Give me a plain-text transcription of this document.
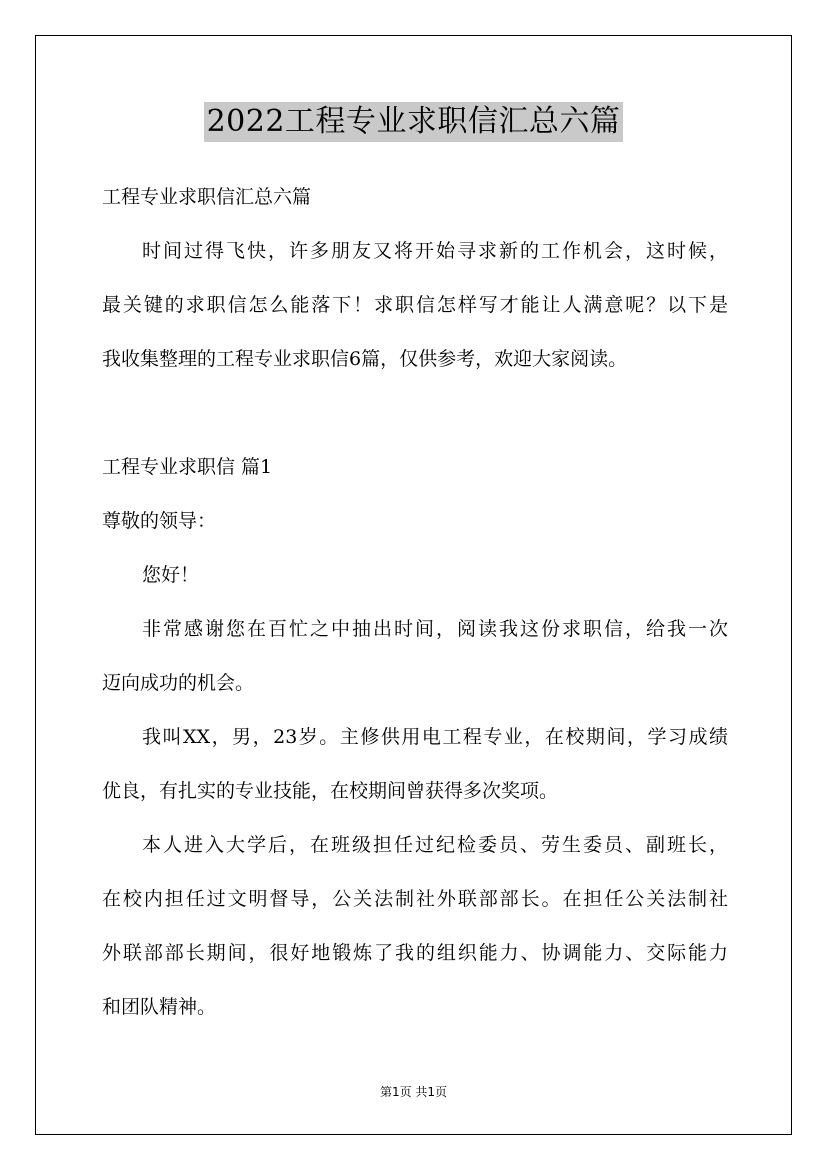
2022工程专业求职信汇总六篇
工程专业求职信汇总六篇
时间过得飞快，许多朋友又将开始寻求新的工作机会，这时候，
最关键的求职信怎么能落下！求职信怎样写才能让人满意呢？以下是
我收集整理的工程专业求职信6篇，仅供参考，欢迎大家阅读。
工程专业求职信 篇1
尊敬的领导：
您好！
非常感谢您在百忙之中抽出时间，阅读我这份求职信，给我一次
迈向成功的机会。
我叫XX，男，23岁。主修供用电工程专业，在校期间，学习成绩
优良，有扎实的专业技能，在校期间曾获得多次奖项。
本人进入大学后，在班级担任过纪检委员、劳生委员、副班长，
在校内担任过文明督导，公关法制社外联部部长。在担任公关法制社
外联部部长期间，很好地锻炼了我的组织能力、协调能力、交际能力
和团队精神。
第1页 共1页
